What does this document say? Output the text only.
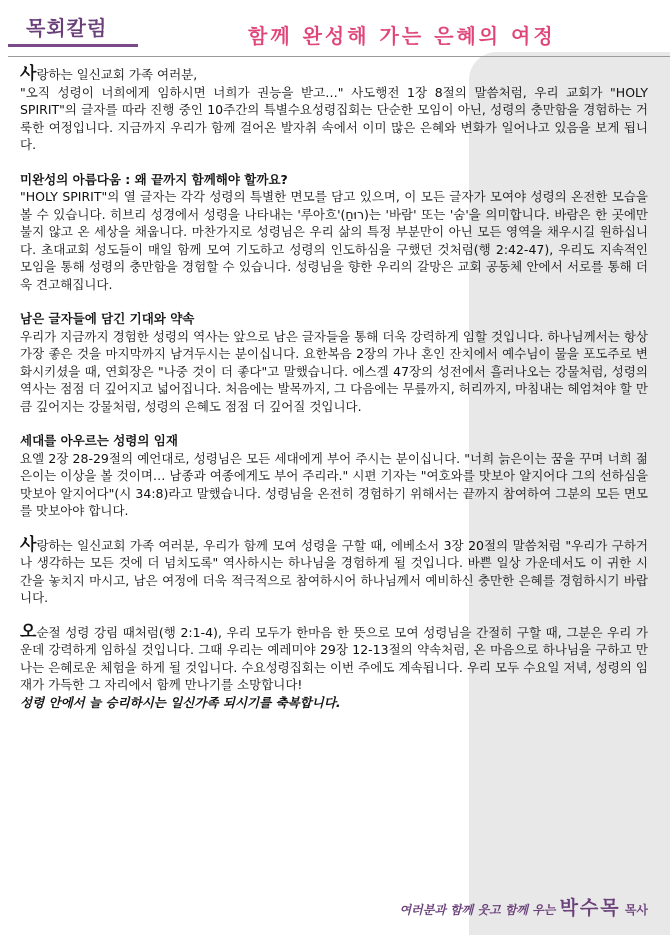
목회칼럼	함께 완성해 가는 은혜의 여정

사랑하는 일신교회 가족 여러분,

"오직 성령이 너희에게 임하시면 너희가 권능을 받고…" 사도행전 1장 8절의 말씀처럼, 우리 교회가 "HOLY SPIRIT"의 글자를 따라 진행 중인 10주간의 특별수요성령집회는 단순한 모임이 아닌, 성령의 충만함을 경험하는 거룩한 여정입니다. 지금까지 우리가 함께 걸어온 발자취 속에서 이미 많은 은혜와 변화가 일어나고 있음을 보게 됩니다.

미완성의 아름다움 : 왜 끝까지 함께해야 할까요?

"HOLY SPIRIT"의 열 글자는 각각 성령의 특별한 면모를 담고 있으며, 이 모든 글자가 모여야 성령의 온전한 모습을 볼 수 있습니다. 히브리 성경에서 성령을 나타내는 '루아흐'(רוּחַ)는 '바람' 또는 '숨'을 의미합니다. 바람은 한 곳에만 불지 않고 온 세상을 채웁니다. 마찬가지로 성령님은 우리 삶의 특정 부분만이 아닌 모든 영역을 채우시길 원하십니다. 초대교회 성도들이 매일 함께 모여 기도하고 성령의 인도하심을 구했던 것처럼(행 2:42-47), 우리도 지속적인 모임을 통해 성령의 충만함을 경험할 수 있습니다. 성령님을 향한 우리의 갈망은 교회 공동체 안에서 서로를 통해 더욱 견고해집니다.

남은 글자들에 담긴 기대와 약속

우리가 지금까지 경험한 성령의 역사는 앞으로 남은 글자들을 통해 더욱 강력하게 임할 것입니다. 하나님께서는 항상 가장 좋은 것을 마지막까지 남겨두시는 분이십니다. 요한복음 2장의 가나 혼인 잔치에서 예수님이 물을 포도주로 변화시키셨을 때, 연회장은 "나중 것이 더 좋다"고 말했습니다. 에스겔 47장의 성전에서 흘러나오는 강물처럼, 성령의 역사는 점점 더 깊어지고 넓어집니다. 처음에는 발목까지, 그 다음에는 무릎까지, 허리까지, 마침내는 헤엄쳐야 할 만큼 깊어지는 강물처럼, 성령의 은혜도 점점 더 깊어질 것입니다.

세대를 아우르는 성령의 임재

요엘 2장 28-29절의 예언대로, 성령님은 모든 세대에게 부어 주시는 분이십니다. "너희 늙은이는 꿈을 꾸며 너희 젊은이는 이상을 볼 것이며… 남종과 여종에게도 부어 주리라." 시편 기자는 "여호와를 맛보아 알지어다 그의 선하심을 맛보아 알지어다"(시 34:8)라고 말했습니다. 성령님을 온전히 경험하기 위해서는 끝까지 참여하여 그분의 모든 면모를 맛보아야 합니다.

사랑하는 일신교회 가족 여러분, 우리가 함께 모여 성령을 구할 때, 에베소서 3장 20절의 말씀처럼 "우리가 구하거나 생각하는 모든 것에 더 넘치도록" 역사하시는 하나님을 경험하게 될 것입니다. 바쁜 일상 가운데서도 이 귀한 시간을 놓치지 마시고, 남은 여정에 더욱 적극적으로 참여하시어 하나님께서 예비하신 충만한 은혜를 경험하시기 바랍니다.

오순절 성령 강림 때처럼(행 2:1-4), 우리 모두가 한마음 한 뜻으로 모여 성령님을 간절히 구할 때, 그분은 우리 가운데 강력하게 임하실 것입니다. 그때 우리는 예레미야 29장 12-13절의 약속처럼, 온 마음으로 하나님을 구하고 만나는 은혜로운 체험을 하게 될 것입니다. 수요성령집회는 이번 주에도 계속됩니다. 우리 모두 수요일 저녁, 성령의 임재가 가득한 그 자리에서 함께 만나기를 소망합니다!

성령 안에서 늘 승리하시는 일신가족 되시기를 축복합니다.

여러분과 함께 웃고 함께 우는 박수목 목사
